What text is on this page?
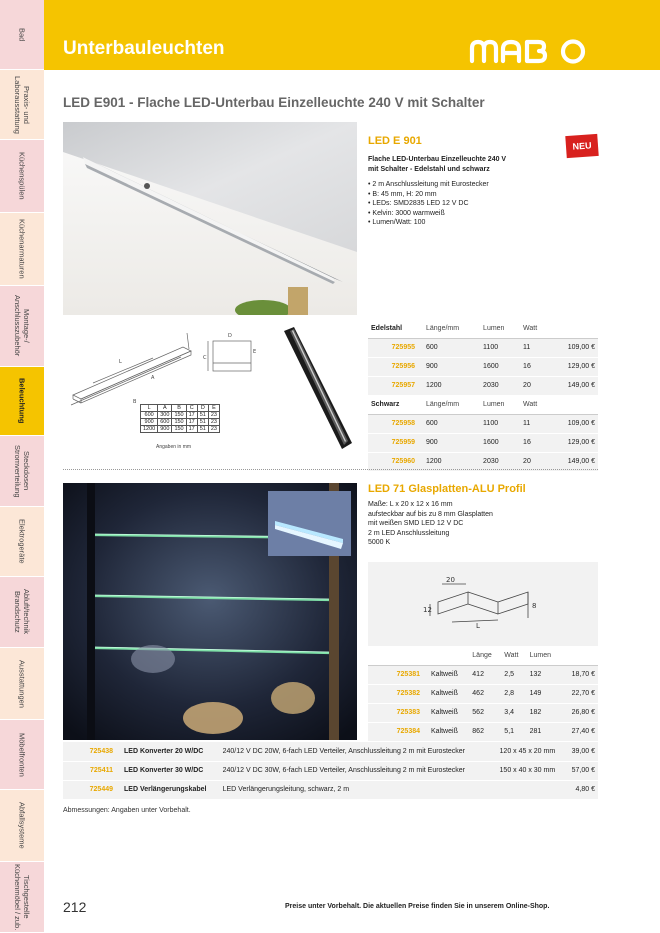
Bad
Praxis- und
Laborausstattung
Küchenspülen
Küchenarmaturen
Montage-/
Anschlusszubehör
Beleuchtung
Steckdosen
Stromverteilung
Elektrogeräte
Abluft/technik
Brandschutz
Ausstattungen
Möbelfronten
Abfallsysteme
Tischgestelle
Küchenmöbel / zub.
Unterbauleuchten
LED E901 - Flache LED-Unterbau Einzelleuchte 240 V mit Schalter
L
A
B
D
E
C
L	A	B	C	D	E
600	300	150	17	51	23
900	600	150	17	51	23
1200	900	150	17	51	23
Angaben in mm
LED E 901	NEU
Flache LED-Unterbau Einzelleuchte 240 V
mit Schalter - Edelstahl und schwarz
• 2 m Anschlussleitung mit Eurostecker
• B: 45 mm, H: 20 mm
• LEDs: SMD2835 LED 12 V DC
• Kelvin: 3000 warmweiß
• Lumen/Watt: 100
Edelstahl	Länge/mm	Lumen	Watt	
725955	600	1100	11	109,00 €
725956	900	1600	16	129,00 €
725957	1200	2030	20	149,00 €
Schwarz	Länge/mm	Lumen	Watt	
725958	600	1100	11	109,00 €
725959	900	1600	16	129,00 €
725960	1200	2030	20	149,00 €
LED 71 Glasplatten-ALU Profil
Maße: L x 20 x 12 x 16 mm
aufsteckbar auf bis zu 8 mm Glasplatten
mit weißen SMD LED 12 V DC
2 m LED Anschlussleitung
5000 K
20
12	8
L
		Länge	Watt	Lumen	
725381	Kaltweiß	412	2,5	132	18,70 €
725382	Kaltweiß	462	2,8	149	22,70 €
725383	Kaltweiß	562	3,4	182	26,80 €
725384	Kaltweiß	862	5,1	281	27,40 €
725438	LED Konverter 20 W/DC	240/12 V DC 20W, 6-fach LED Verteiler, Anschlussleitung 2 m mit Eurostecker	120 x 45 x 20 mm	39,00 €
725411	LED Konverter 30 W/DC	240/12 V DC 30W, 6-fach LED Verteiler, Anschlussleitung 2 m mit Eurostecker	150 x 40 x 30 mm	57,00 €
725449	LED Verlängerungskabel	LED Verlängerungsleitung, schwarz, 2 m		4,80 €
Abmessungen: Angaben unter Vorbehalt.
212	Preise unter Vorbehalt. Die aktuellen Preise finden Sie in unserem Online-Shop.
